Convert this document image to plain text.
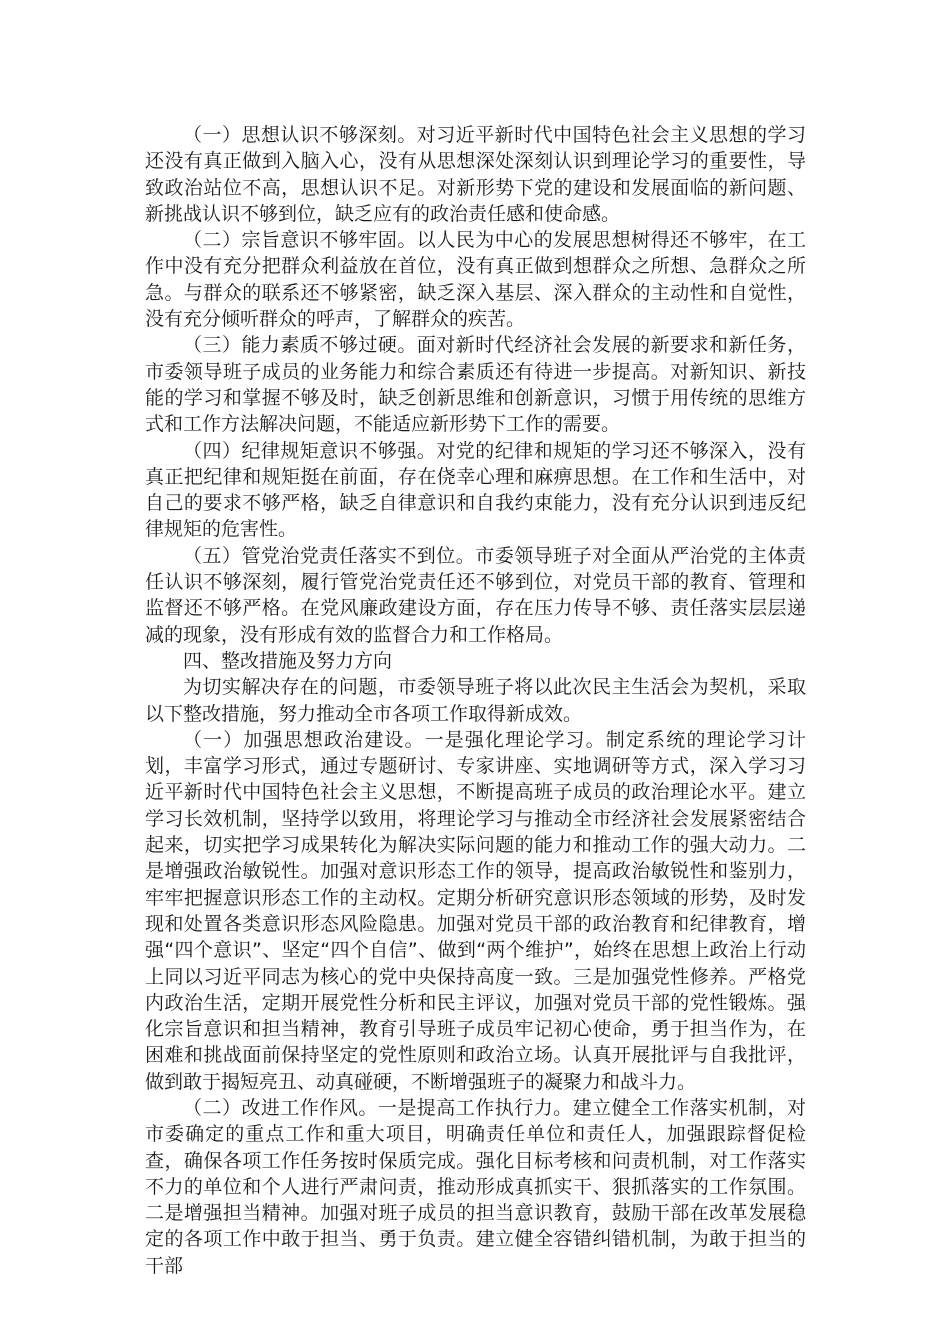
（一）思想认识不够深刻。对习近平新时代中国特色社会主义思想的学习还没有真正做到入脑入心，没有从思想深处深刻认识到理论学习的重要性，导致政治站位不高，思想认识不足。对新形势下党的建设和发展面临的新问题、新挑战认识不够到位，缺乏应有的政治责任感和使命感。

（二）宗旨意识不够牢固。以人民为中心的发展思想树得还不够牢，在工作中没有充分把群众利益放在首位，没有真正做到想群众之所想、急群众之所急。与群众的联系还不够紧密，缺乏深入基层、深入群众的主动性和自觉性，没有充分倾听群众的呼声，了解群众的疾苦。

（三）能力素质不够过硬。面对新时代经济社会发展的新要求和新任务，市委领导班子成员的业务能力和综合素质还有待进一步提高。对新知识、新技能的学习和掌握不够及时，缺乏创新思维和创新意识，习惯于用传统的思维方式和工作方法解决问题，不能适应新形势下工作的需要。

（四）纪律规矩意识不够强。对党的纪律和规矩的学习还不够深入，没有真正把纪律和规矩挺在前面，存在侥幸心理和麻痹思想。在工作和生活中，对自己的要求不够严格，缺乏自律意识和自我约束能力，没有充分认识到违反纪律规矩的危害性。

（五）管党治党责任落实不到位。市委领导班子对全面从严治党的主体责任认识不够深刻，履行管党治党责任还不够到位，对党员干部的教育、管理和监督还不够严格。在党风廉政建设方面，存在压力传导不够、责任落实层层递减的现象，没有形成有效的监督合力和工作格局。

四、整改措施及努力方向

为切实解决存在的问题，市委领导班子将以此次民主生活会为契机，采取以下整改措施，努力推动全市各项工作取得新成效。

（一）加强思想政治建设。一是强化理论学习。制定系统的理论学习计划，丰富学习形式，通过专题研讨、专家讲座、实地调研等方式，深入学习习近平新时代中国特色社会主义思想，不断提高班子成员的政治理论水平。建立学习长效机制，坚持学以致用，将理论学习与推动全市经济社会发展紧密结合起来，切实把学习成果转化为解决实际问题的能力和推动工作的强大动力。二是增强政治敏锐性。加强对意识形态工作的领导，提高政治敏锐性和鉴别力，牢牢把握意识形态工作的主动权。定期分析研究意识形态领域的形势，及时发现和处置各类意识形态风险隐患。加强对党员干部的政治教育和纪律教育，增强“四个意识”、坚定“四个自信”、做到“两个维护”，始终在思想上政治上行动上同以习近平同志为核心的党中央保持高度一致。三是加强党性修养。严格党内政治生活，定期开展党性分析和民主评议，加强对党员干部的党性锻炼。强化宗旨意识和担当精神，教育引导班子成员牢记初心使命，勇于担当作为，在困难和挑战面前保持坚定的党性原则和政治立场。认真开展批评与自我批评，做到敢于揭短亮丑、动真碰硬，不断增强班子的凝聚力和战斗力。

（二）改进工作作风。一是提高工作执行力。建立健全工作落实机制，对市委确定的重点工作和重大项目，明确责任单位和责任人，加强跟踪督促检查，确保各项工作任务按时保质完成。强化目标考核和问责机制，对工作落实不力的单位和个人进行严肃问责，推动形成真抓实干、狠抓落实的工作氛围。二是增强担当精神。加强对班子成员的担当意识教育，鼓励干部在改革发展稳定的各项工作中敢于担当、勇于负责。建立健全容错纠错机制，为敢于担当的干部
